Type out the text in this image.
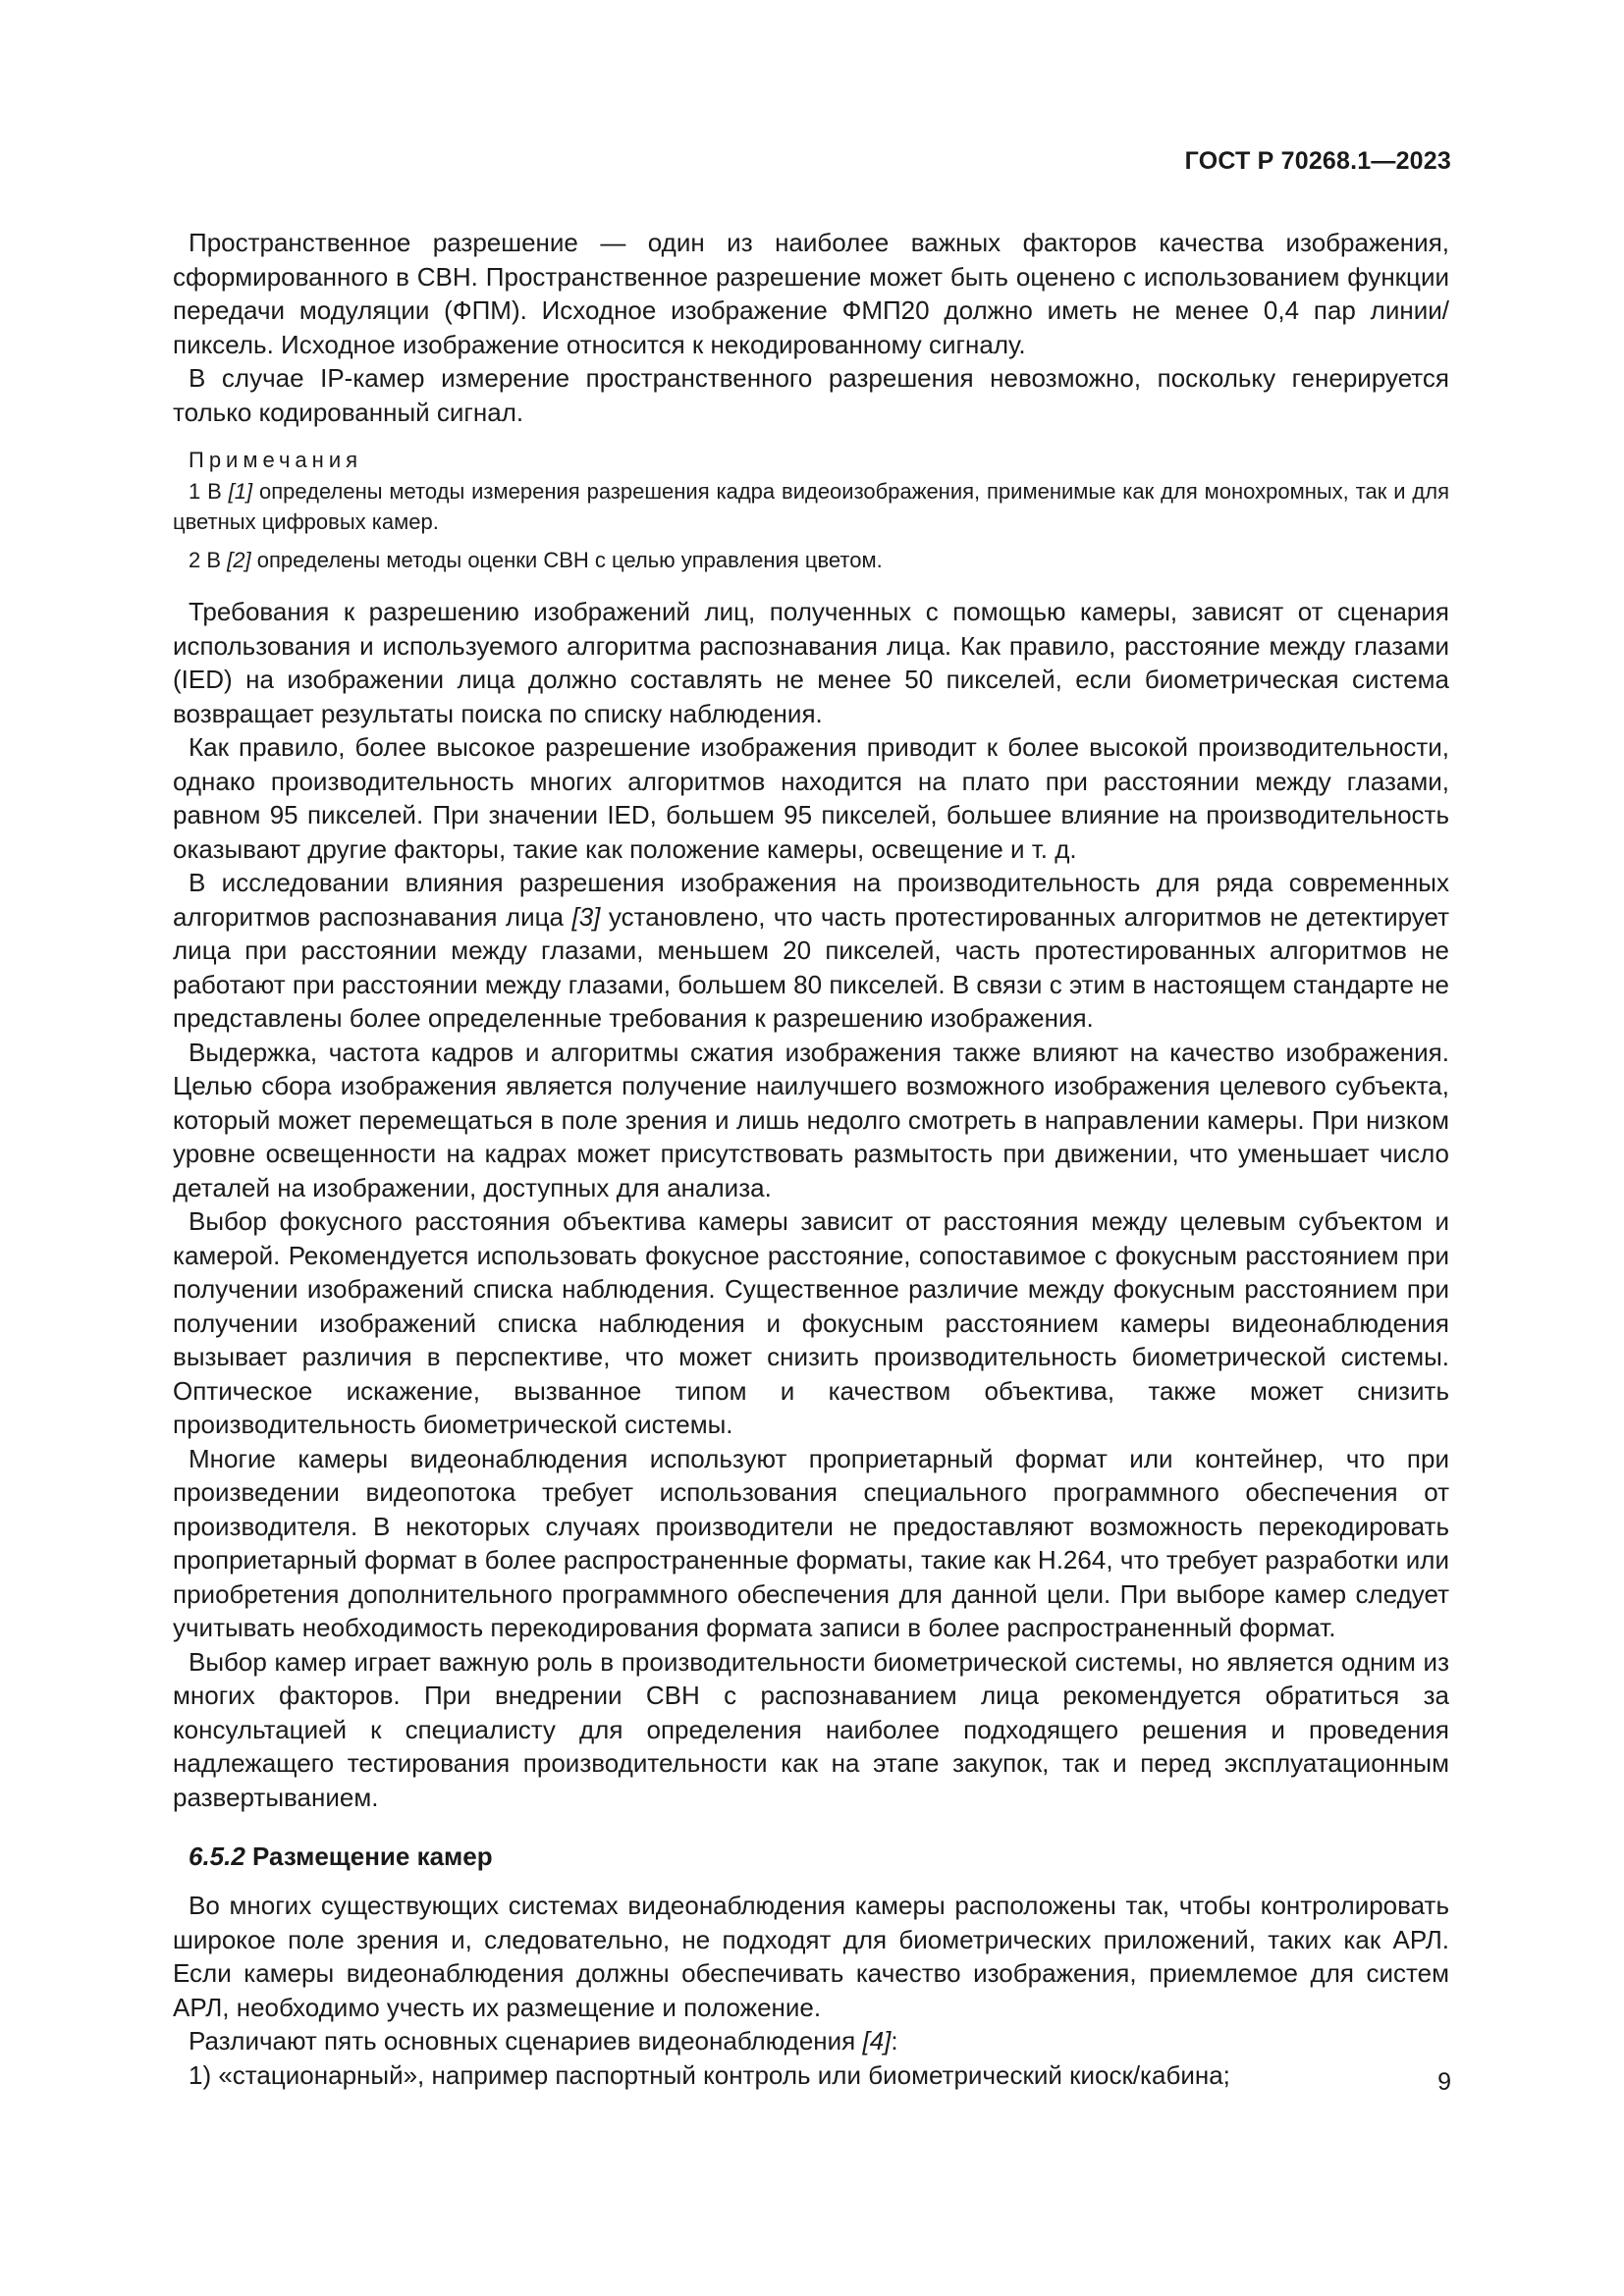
ГОСТ Р 70268.1—2023

Пространственное разрешение — один из наиболее важных факторов качества изображения, сформированного в СВН. Пространственное разрешение может быть оценено с использованием функции передачи модуляции (ФПМ). Исходное изображение ФМП20 должно иметь не менее 0,4 пар линии/пиксель. Исходное изображение относится к некодированному сигналу.

В случае IP-камер измерение пространственного разрешения невозможно, поскольку генерируется только кодированный сигнал.

Примечания

1 В [1] определены методы измерения разрешения кадра видеоизображения, применимые как для монохромных, так и для цветных цифровых камер.

2 В [2] определены методы оценки СВН с целью управления цветом.

Требования к разрешению изображений лиц, полученных с помощью камеры, зависят от сценария использования и используемого алгоритма распознавания лица. Как правило, расстояние между глазами (IED) на изображении лица должно составлять не менее 50 пикселей, если биометрическая система возвращает результаты поиска по списку наблюдения.

Как правило, более высокое разрешение изображения приводит к более высокой производительности, однако производительность многих алгоритмов находится на плато при расстоянии между глазами, равном 95 пикселей. При значении IED, большем 95 пикселей, большее влияние на производительность оказывают другие факторы, такие как положение камеры, освещение и т. д.

В исследовании влияния разрешения изображения на производительность для ряда современных алгоритмов распознавания лица [3] установлено, что часть протестированных алгоритмов не детектирует лица при расстоянии между глазами, меньшем 20 пикселей, часть протестированных алгоритмов не работают при расстоянии между глазами, большем 80 пикселей. В связи с этим в настоящем стандарте не представлены более определенные требования к разрешению изображения.

Выдержка, частота кадров и алгоритмы сжатия изображения также влияют на качество изображения. Целью сбора изображения является получение наилучшего возможного изображения целевого субъекта, который может перемещаться в поле зрения и лишь недолго смотреть в направлении камеры. При низком уровне освещенности на кадрах может присутствовать размытость при движении, что уменьшает число деталей на изображении, доступных для анализа.

Выбор фокусного расстояния объектива камеры зависит от расстояния между целевым субъектом и камерой. Рекомендуется использовать фокусное расстояние, сопоставимое с фокусным расстоянием при получении изображений списка наблюдения. Существенное различие между фокусным расстоянием при получении изображений списка наблюдения и фокусным расстоянием камеры видеонаблюдения вызывает различия в перспективе, что может снизить производительность биометрической системы. Оптическое искажение, вызванное типом и качеством объектива, также может снизить производительность биометрической системы.

Многие камеры видеонаблюдения используют проприетарный формат или контейнер, что при произведении видеопотока требует использования специального программного обеспечения от производителя. В некоторых случаях производители не предоставляют возможность перекодировать проприетарный формат в более распространенные форматы, такие как H.264, что требует разработки или приобретения дополнительного программного обеспечения для данной цели. При выборе камер следует учитывать необходимость перекодирования формата записи в более распространенный формат.

Выбор камер играет важную роль в производительности биометрической системы, но является одним из многих факторов. При внедрении СВН с распознаванием лица рекомендуется обратиться за консультацией к специалисту для определения наиболее подходящего решения и проведения надлежащего тестирования производительности как на этапе закупок, так и перед эксплуатационным развертыванием.

6.5.2 Размещение камер

Во многих существующих системах видеонаблюдения камеры расположены так, чтобы контролировать широкое поле зрения и, следовательно, не подходят для биометрических приложений, таких как АРЛ. Если камеры видеонаблюдения должны обеспечивать качество изображения, приемлемое для систем АРЛ, необходимо учесть их размещение и положение.

Различают пять основных сценариев видеонаблюдения [4]:

1) «стационарный», например паспортный контроль или биометрический киоск/кабина;	9
